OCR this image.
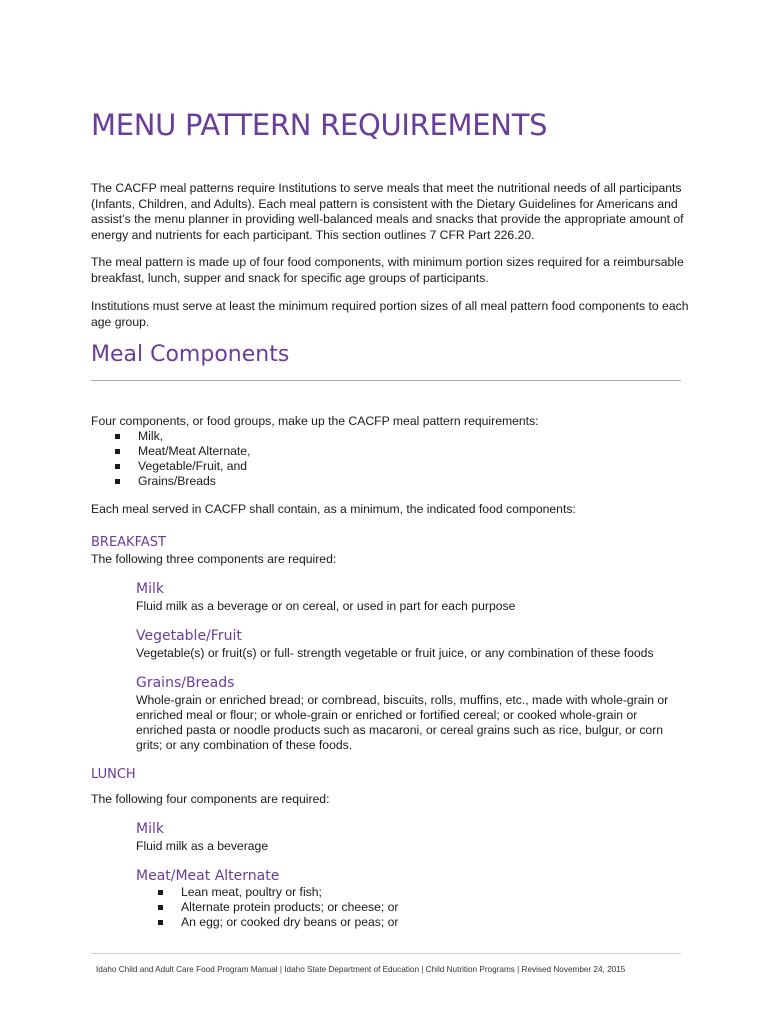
MENU PATTERN REQUIREMENTS

The CACFP meal patterns require Institutions to serve meals that meet the nutritional needs of all participants (Infants, Children, and Adults). Each meal pattern is consistent with the Dietary Guidelines for Americans and assist’s the menu planner in providing well-balanced meals and snacks that provide the appropriate amount of energy and nutrients for each participant. This section outlines 7 CFR Part 226.20.

The meal pattern is made up of four food components, with minimum portion sizes required for a reimbursable breakfast, lunch, supper and snack for specific age groups of participants.

Institutions must serve at least the minimum required portion sizes of all meal pattern food components to each age group.

Meal Components

Four components, or food groups, make up the CACFP meal pattern requirements:

Milk,
Meat/Meat Alternate,
Vegetable/Fruit, and
Grains/Breads

Each meal served in CACFP shall contain, as a minimum, the indicated food components:

BREAKFAST

The following three components are required:

Milk

Fluid milk as a beverage or on cereal, or used in part for each purpose

Vegetable/Fruit

Vegetable(s) or fruit(s) or full- strength vegetable or fruit juice, or any combination of these foods

Grains/Breads

Whole-grain or enriched bread; or cornbread, biscuits, rolls, muffins, etc., made with whole-grain or enriched meal or flour; or whole-grain or enriched or fortified cereal; or cooked whole-grain or enriched pasta or noodle products such as macaroni, or cereal grains such as rice, bulgur, or corn grits; or any combination of these foods.

LUNCH

The following four components are required:

Milk

Fluid milk as a beverage

Meat/Meat Alternate
Lean meat, poultry or fish;
Alternate protein products; or cheese; or
An egg; or cooked dry beans or peas; or

Idaho Child and Adult Care Food Program Manual | Idaho State Department of Education | Child Nutrition Programs | Revised November 24, 2015
